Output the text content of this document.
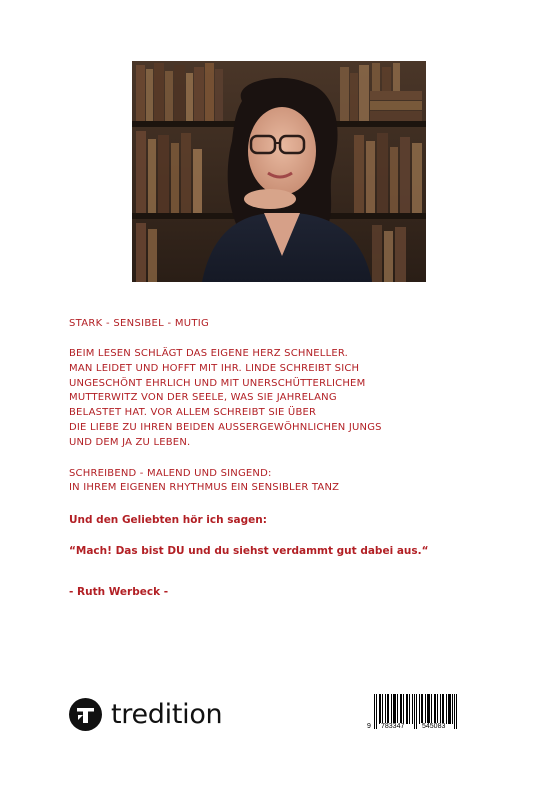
STARK - SENSIBEL - MUTIG
BEIM LESEN SCHLÄGT DAS EIGENE HERZ SCHNELLER.
MAN LEIDET UND HOFFT MIT IHR. LINDE SCHREIBT SICH
UNGESCHÖNT EHRLICH UND MIT UNERSCHÜTTERLICHEM
MUTTERWITZ VON DER SEELE, WAS SIE JAHRELANG
BELASTET HAT. VOR ALLEM SCHREIBT SIE ÜBER
DIE LIEBE ZU IHREN BEIDEN AUSSERGEWÖHNLICHEN JUNGS
UND DEM JA ZU LEBEN.
SCHREIBEND - MALEND UND SINGEND:
IN IHREM EIGENEN RHYTHMUS EIN SENSIBLER TANZ
Und den Geliebten hör ich sagen:
“Mach! Das bist DU und du siehst verdammt gut dabei aus.“
- Ruth Werbeck -
tredition	9 783347	545083
